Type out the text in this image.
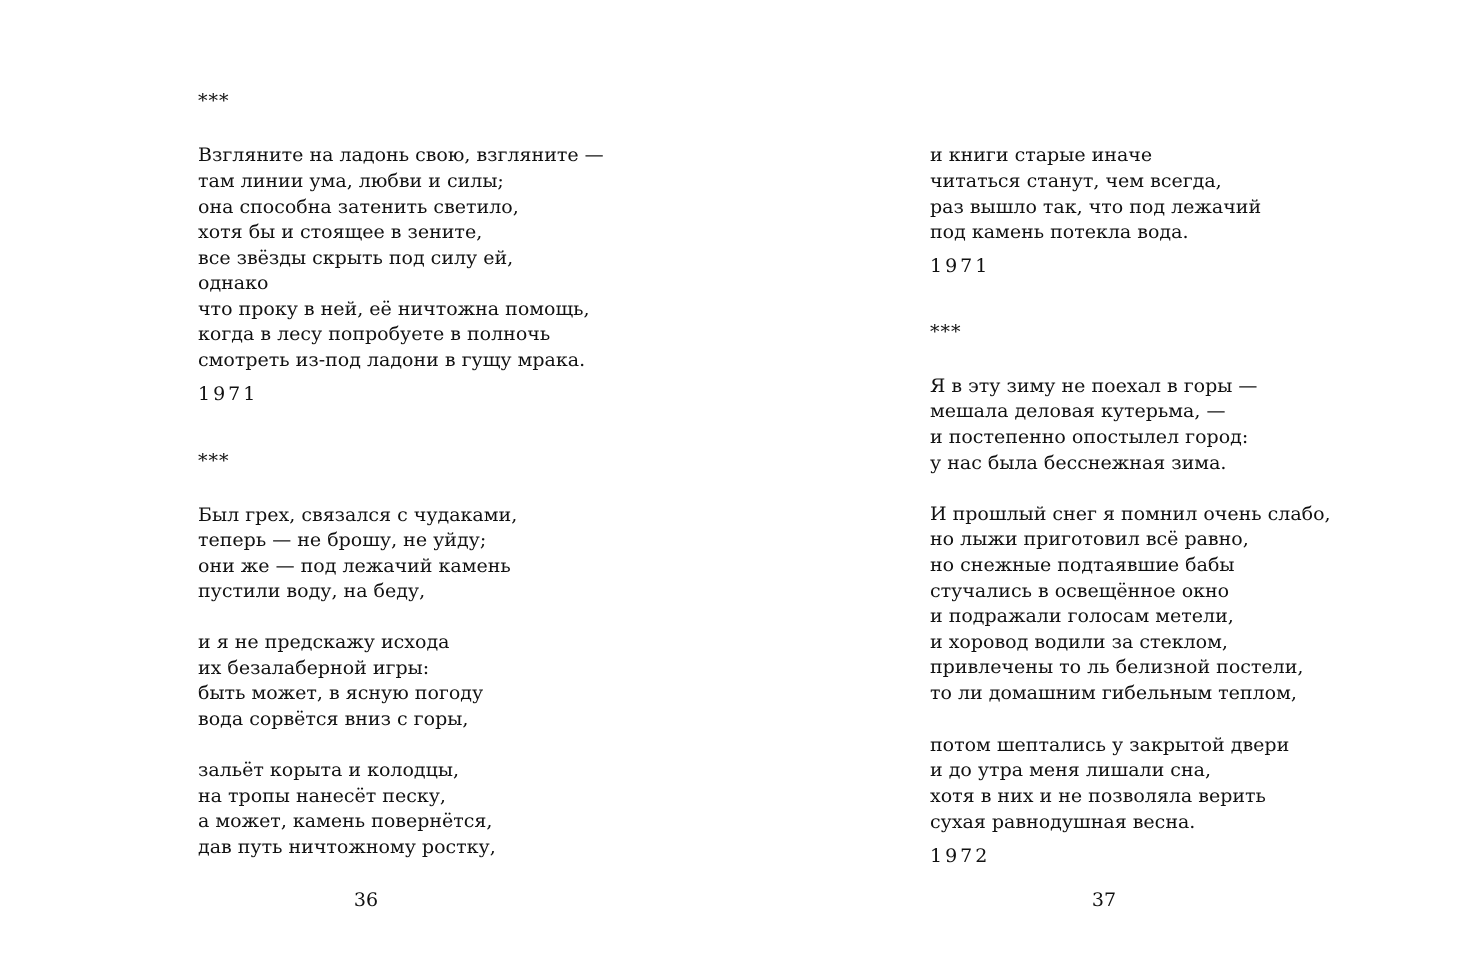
***
Взгляните на ладонь свою, взгляните —
там линии ума, любви и силы;
она способна затенить светило,
хотя бы и стоящее в зените,
все звёзды скрыть под силу ей,
однако
что проку в ней, её ничтожна помощь,
когда в лесу попробуете в полночь
смотреть из-под ладони в гущу мрака.
1971
***
Был грех, связался с чудаками,
теперь — не брошу, не уйду;
они же — под лежачий камень
пустили воду, на беду,
и я не предскажу исхода
их безалаберной игры:
быть может, в ясную погоду
вода сорвётся вниз с горы,
зальёт корыта и колодцы,
на тропы нанесёт песку,
а может, камень повернётся,
дав путь ничтожному ростку,
36
и книги старые иначе
читаться станут, чем всегда,
раз вышло так, что под лежачий
под камень потекла вода.
1971
***
Я в эту зиму не поехал в горы —
мешала деловая кутерьма, —
и постепенно опостылел город:
у нас была бесснежная зима.
И прошлый снег я помнил очень слабо,
но лыжи приготовил всё равно,
но снежные подтаявшие бабы
стучались в освещённое окно
и подражали голосам метели,
и хоровод водили за стеклом,
привлечены то ль белизной постели,
то ли домашним гибельным теплом,
потом шептались у закрытой двери
и до утра меня лишали сна,
хотя в них и не позволяла верить
сухая равнодушная весна.
1972
37
